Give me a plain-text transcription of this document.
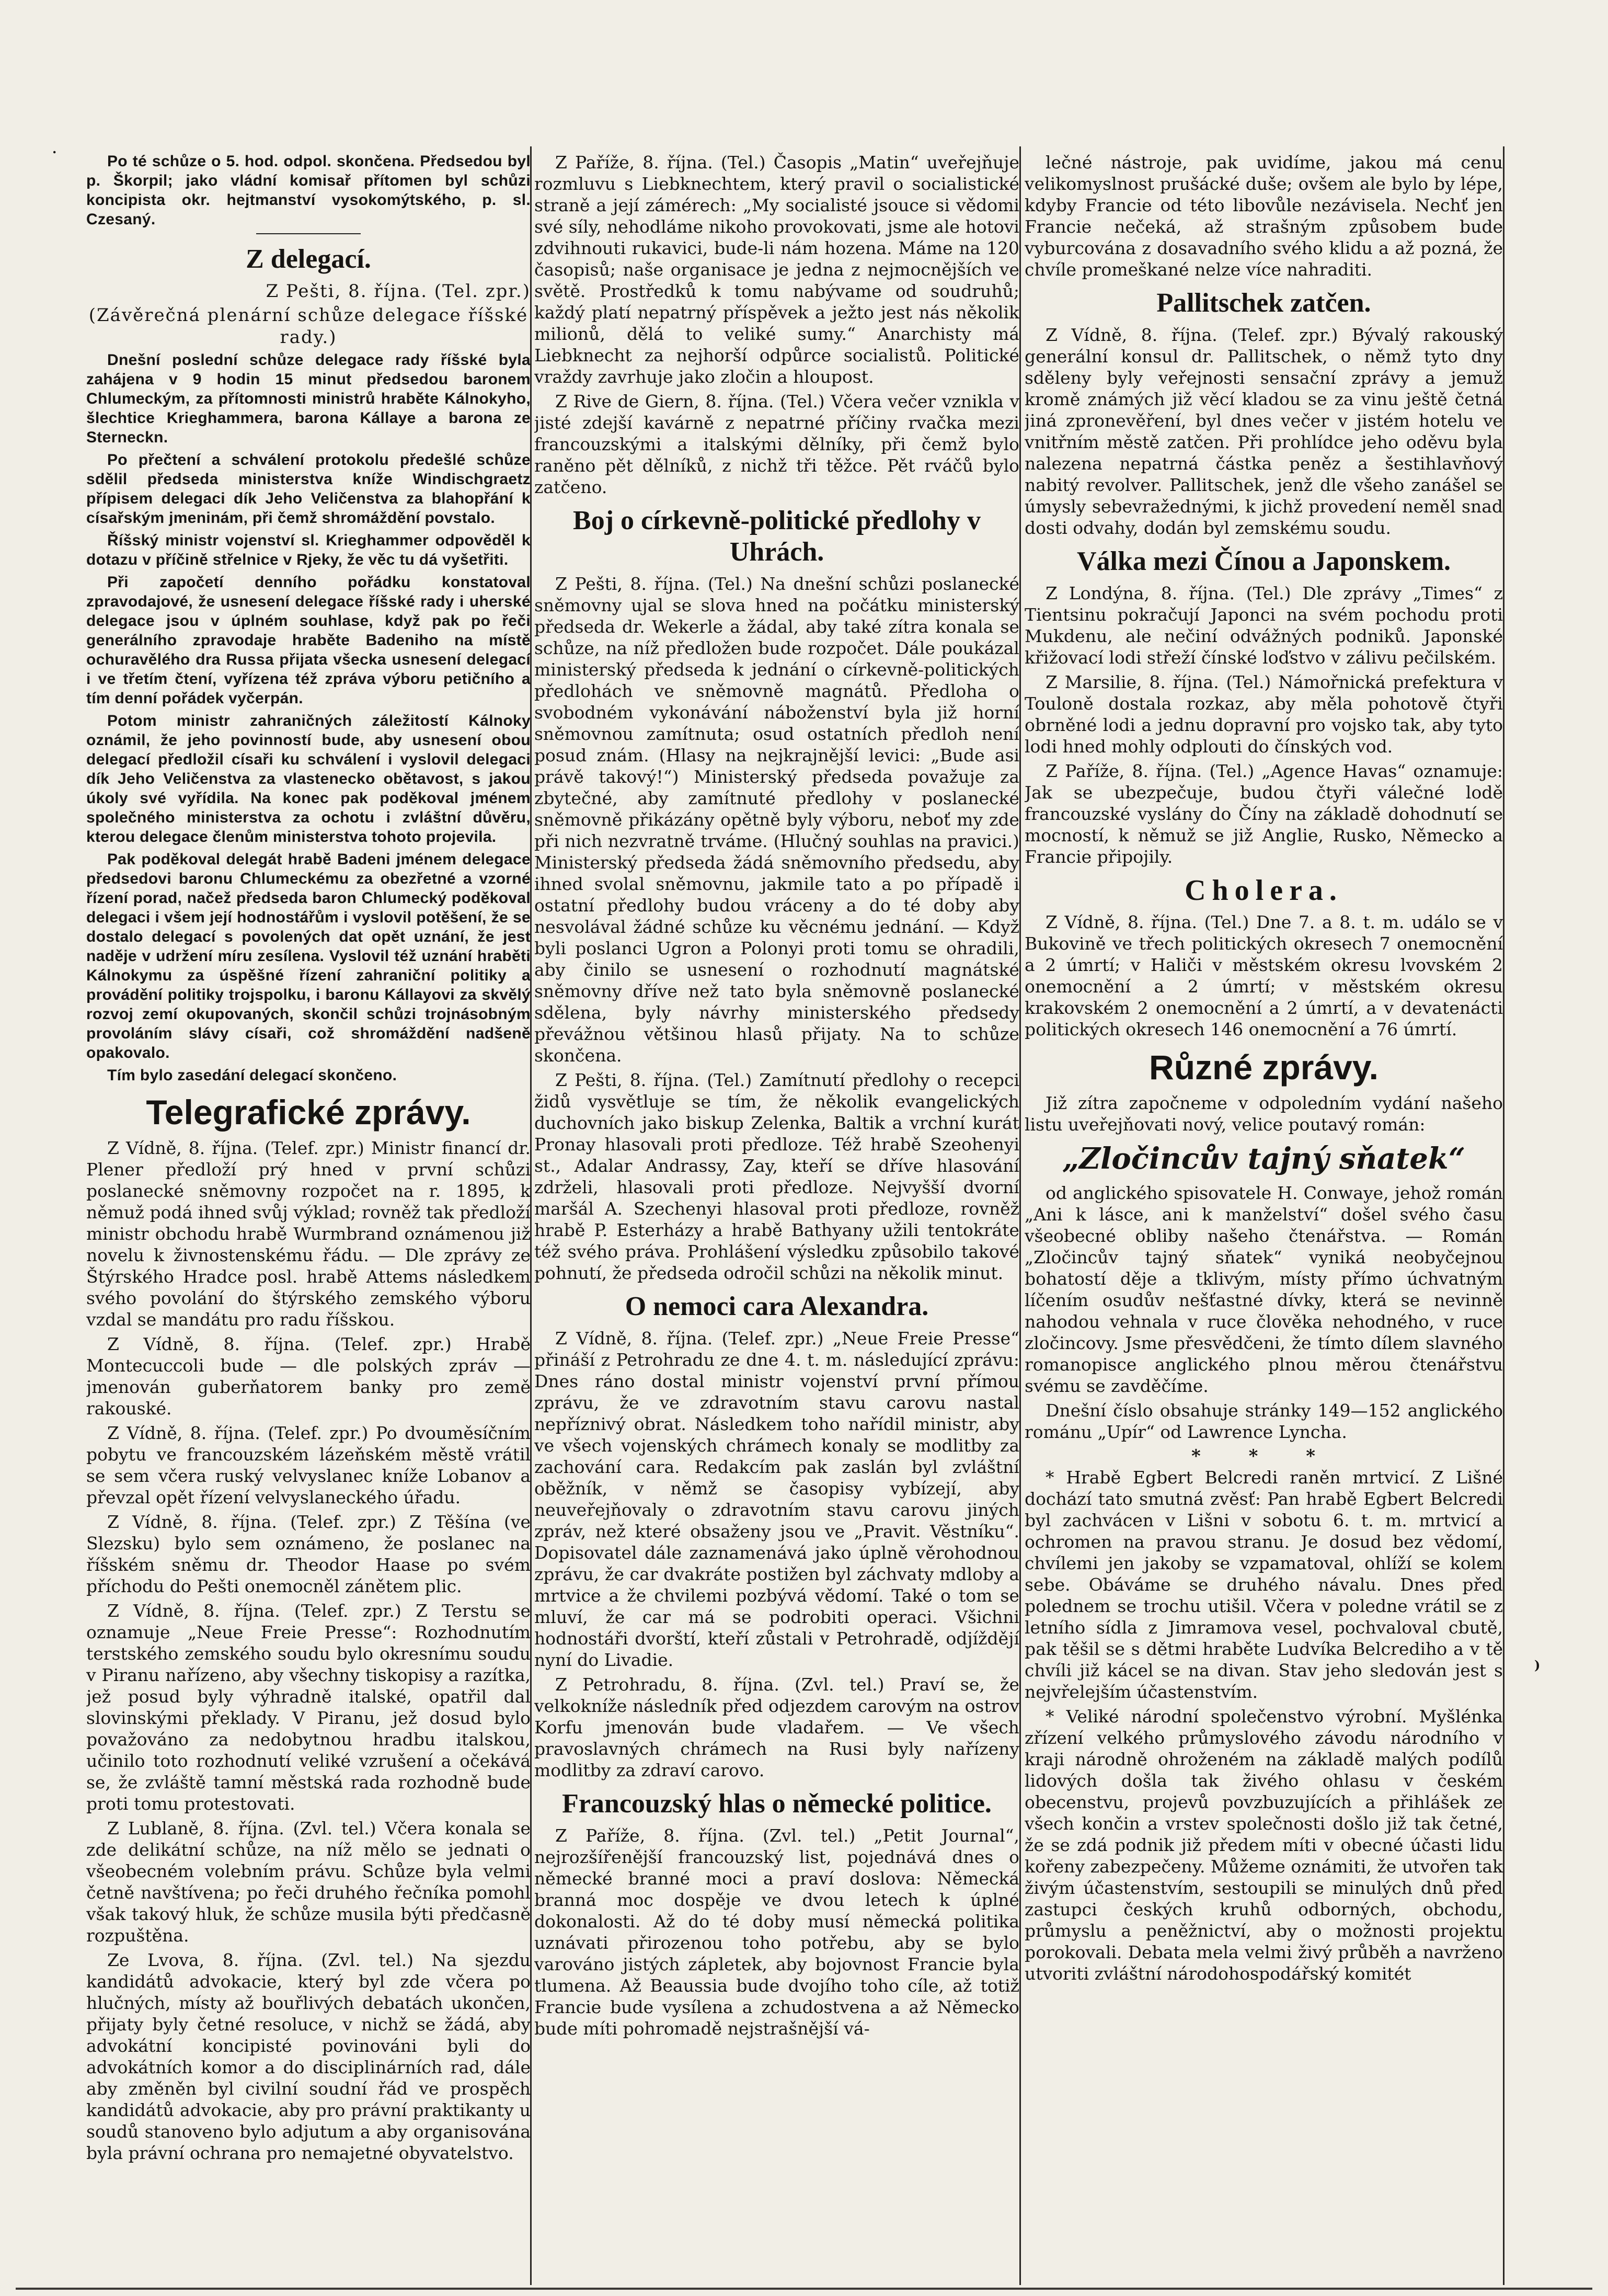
.
)

Po té schůze o 5. hod. odpol. skončena. Předsedou byl p. Škorpil; jako vládní komisař přítomen byl schůzi koncipista okr. hejtmanství vysokomýtského, p. sl. Czesaný.

Z delegací.
Z Pešti, 8. října. (Tel. zpr.)
(Závěrečná plenární schůze delegace říšské rady.)

Dnešní poslední schůze delegace rady říšské byla zahájena v 9 hodin 15 minut předsedou baronem Chlumeckým, za přítomnosti ministrů hraběte Kálnokyho, šlechtice Krieghammera, barona Kállaye a barona ze Sterneckn.

Po přečtení a schválení protokolu předešlé schůze sdělil předseda ministerstva kníže Windischgraetz přípisem delegaci dík Jeho Veličenstva za blahopřání k císařským jmeninám, při čemž shromáždění povstalo.

Říšský ministr vojenství sl. Krieghammer odpověděl k dotazu v příčině střelnice v Rjeky, že věc tu dá vyšetřiti.

Při započetí denního pořádku konstatoval zpravodajové, že usnesení delegace říšské rady i uherské delegace jsou v úplném souhlase, když pak po řeči generálního zpravodaje hraběte Badeniho na místě ochuravělého dra Russa přijata všecka usnesení delegací i ve třetím čtení, vyřízena též zpráva výboru petičního a tím denní pořádek vyčerpán.

Potom ministr zahraničných záležitostí Kálnoky oznámil, že jeho povinností bude, aby usnesení obou delegací předložil císaři ku schválení i vyslovil delegaci dík Jeho Veličenstva za vlastenecko obětavost, s jakou úkoly své vyřídila. Na konec pak poděkoval jménem společného ministerstva za ochotu i zvláštní důvěru, kterou delegace členům ministerstva tohoto projevila.

Pak poděkoval delegát hrabě Badeni jménem delegace předsedovi baronu Chlumeckému za obezřetné a vzorné řízení porad, načež předseda baron Chlumecký poděkoval delegaci i všem její hodnostářům i vyslovil potěšení, že se dostalo delegací s povolených dat opět uznání, že jest naděje v udržení míru zesílena. Vyslovil též uznání hraběti Kálnokymu za úspěšné řízení zahraniční politiky a provádění politiky trojspolku, i baronu Kállayovi za skvělý rozvoj zemí okupovaných, skončil schůzi trojnásobným provoláním slávy císaři, což shromáždění nadšeně opakovalo.

Tím bylo zasedání delegací skončeno.

Telegrafické zprávy.

Z Vídně, 8. října. (Telef. zpr.) Ministr financí dr. Plener předloží prý hned v první schůzi poslanecké sněmovny rozpočet na r. 1895, k němuž podá ihned svůj výklad; rovněž tak předloží ministr obchodu hrabě Wurmbrand oznámenou již novelu k živnostenskému řádu. — Dle zprávy ze Štýrského Hradce posl. hrabě Attems následkem svého povolání do štýrského zemského výboru vzdal se mandátu pro radu říšskou.

Z Vídně, 8. října. (Telef. zpr.) Hrabě Montecuccoli bude — dle polských zpráv — jmenován guberňatorem banky pro země rakouské.

Z Vídně, 8. října. (Telef. zpr.) Po dvouměsíčním pobytu ve francouzském lázeňském městě vrátil se sem včera ruský velvyslanec kníže Lobanov a převzal opět řízení velvyslaneckého úřadu.

Z Vídně, 8. října. (Telef. zpr.) Z Těšína (ve Slezsku) bylo sem oznámeno, že poslanec na říšském sněmu dr. Theodor Haase po svém příchodu do Pešti onemocněl zánětem plic.

Z Vídně, 8. října. (Telef. zpr.) Z Terstu se oznamuje „Neue Freie Presse“: Rozhodnutím terstského zemského soudu bylo okresnímu soudu v Piranu nařízeno, aby všechny tiskopisy a razítka, jež posud byly výhradně italské, opatřil dal slovinskými překlady. V Piranu, jež dosud bylo považováno za nedobytnou hradbu italskou, učinilo toto rozhodnutí veliké vzrušení a očekává se, že zvláště tamní městská rada rozhodně bude proti tomu protestovati.

Z Lublaně, 8. října. (Zvl. tel.) Včera konala se zde delikátní schůze, na níž mělo se jednati o všeobecném volebním právu. Schůze byla velmi četně navštívena; po řeči druhého řečníka pomohl však takový hluk, že schůze musila býti předčasně rozpuštěna.

Ze Lvova, 8. října. (Zvl. tel.) Na sjezdu kandidátů advokacie, který byl zde včera po hlučných, místy až bouřlivých debatách ukončen, přijaty byly četné resoluce, v nichž se žádá, aby advokátní koncipisté povinováni byli do advokátních komor a do disciplinárních rad, dále aby změněn byl civilní soudní řád ve prospěch kandidátů advokacie, aby pro právní praktikanty u soudů stanoveno bylo adjutum a aby organisována byla právní ochrana pro nemajetné obyvatelstvo.

Z Paříže, 8. října. (Tel.) Časopis „Matin“ uveřejňuje rozmluvu s Liebknechtem, který pravil o socialistické straně a její zámérech: „My socialisté jsouce si vědomi své síly, nehodláme nikoho provokovati, jsme ale hotovi zdvihnouti rukavici, bude-li nám hozena. Máme na 120 časopisů; naše organisace je jedna z nejmocnějších ve světě. Prostředků k tomu nabývame od soudruhů; každý platí nepatrný příspěvek a ježto jest nás několik milionů, dělá to veliké sumy.“ Anarchisty má Liebknecht za nejhorší odpůrce socialistů. Politické vraždy zavrhuje jako zločin a hloupost.

Z Rive de Giern, 8. října. (Tel.) Včera večer vznikla v jisté zdejší kavárně z nepatrné příčiny rvačka mezi francouzskými a italskými dělníky, při čemž bylo raněno pět dělníků, z nichž tři těžce. Pět rváčů bylo zatčeno.

Boj o církevně-politické předlohy v Uhrách.

Z Pešti, 8. října. (Tel.) Na dnešní schůzi poslanecké sněmovny ujal se slova hned na počátku ministerský předseda dr. Wekerle a žádal, aby také zítra konala se schůze, na níž předložen bude rozpočet. Dále poukázal ministerský předseda k jednání o církevně-politických předlohách ve sněmovně magnátů. Předloha o svobodném vykonávání náboženství byla již horní sněmovnou zamítnuta; osud ostatních předloh není posud znám. (Hlasy na nejkrajnější levici: „Bude asi právě takový!“) Ministerský předseda považuje za zbytečné, aby zamítnuté předlohy v poslanecké sněmovně přikázány opětně byly výboru, neboť my zde při nich nezvratně trváme. (Hlučný souhlas na pravici.) Ministerský předseda žádá sněmovního předsedu, aby ihned svolal sněmovnu, jakmile tato a po případě i ostatní předlohy budou vráceny a do té doby aby nesvolával žádné schůze ku věcnému jednání. — Když byli poslanci Ugron a Polonyi proti tomu se ohradili, aby činilo se usnesení o rozhodnutí magnátské sněmovny dříve než tato byla sněmovně poslanecké sdělena, byly návrhy ministerského předsedy převážnou většinou hlasů přijaty. Na to schůze skončena.

Z Pešti, 8. října. (Tel.) Zamítnutí předlohy o recepci židů vysvětluje se tím, že několik evangelických duchovních jako biskup Zelenka, Baltik a vrchní kurát Pronay hlasovali proti předloze. Též hrabě Szeohenyi st., Adalar Andrassy, Zay, kteří se dříve hlasování zdrželi, hlasovali proti předloze. Nejvyšší dvorní maršál A. Szechenyi hlasoval proti předloze, rovněž hrabě P. Esterházy a hrabě Bathyany užili tentokráte též svého práva. Prohlášení výsledku způsobilo takové pohnutí, že předseda odročil schůzi na několik minut.

O nemoci cara Alexandra.

Z Vídně, 8. října. (Telef. zpr.) „Neue Freie Presse“ přináší z Petrohradu ze dne 4. t. m. následující zprávu: Dnes ráno dostal ministr vojenství první přímou zprávu, že ve zdravotním stavu carovu nastal nepříznivý obrat. Následkem toho nařídil ministr, aby ve všech vojenských chrámech konaly se modlitby za zachování cara. Redakcím pak zaslán byl zvláštní oběžník, v němž se časopisy vybízejí, aby neuveřejňovaly o zdravotním stavu carovu jiných zpráv, než které obsaženy jsou ve „Pravit. Věstníku“. Dopisovatel dále zaznamenává jako úplně věrohodnou zprávu, že car dvakráte postižen byl záchvaty mdloby a mrtvice a že chvilemi pozbývá vědomí. Také o tom se mluví, že car má se podrobiti operaci. Všichni hodnostáři dvorští, kteří zůstali v Petrohradě, odjíždějí nyní do Livadie.

Z Petrohradu, 8. října. (Zvl. tel.) Praví se, že velkokníže následník před odjezdem carovým na ostrov Korfu jmenován bude vladařem. — Ve všech pravoslavných chrámech na Rusi byly nařízeny modlitby za zdraví carovo.

Francouzský hlas o německé politice.

Z Paříže, 8. října. (Zvl. tel.) „Petit Journal“, nejrozšířenější francouzský list, pojednává dnes o německé branné moci a praví doslova: Německá branná moc dospěje ve dvou letech k úplné dokonalosti. Až do té doby musí německá politika uznávati přirozenou toho potřebu, aby se bylo varováno jistých zápletek, aby bojovnost Francie byla tlumena. Až Beaussia bude dvojího toho cíle, až totiž Francie bude vysílena a zchudostvena a až Německo bude míti pohromadě nejstrašnější vá-

lečné nástroje, pak uvidíme, jakou má cenu velikomyslnost prušácké duše; ovšem ale bylo by lépe, kdyby Francie od této libovůle nezávisela. Nechť jen Francie nečeká, až strašným způsobem bude vyburcována z dosavadního svého klidu a až pozná, že chvíle promeškané nelze více nahraditi.

Pallitschek zatčen.

Z Vídně, 8. října. (Telef. zpr.) Bývalý rakouský generální konsul dr. Pallitschek, o němž tyto dny sděleny byly veřejnosti sensační zprávy a jemuž kromě známých již věcí kladou se za vinu ještě četná jiná zpronevěření, byl dnes večer v jistém hotelu ve vnitřním městě zatčen. Při prohlídce jeho oděvu byla nalezena nepatrná částka peněz a šestihlavňový nabitý revolver. Pallitschek, jenž dle všeho zanášel se úmysly sebevražednými, k jichž provedení neměl snad dosti odvahy, dodán byl zemskému soudu.

Válka mezi Čínou a Japonskem.

Z Londýna, 8. října. (Tel.) Dle zprávy „Times“ z Tientsinu pokračují Japonci na svém pochodu proti Mukdenu, ale nečiní odvážných podniků. Japonské křižovací lodi střeží čínské loďstvo v zálivu pečilském.

Z Marsilie, 8. října. (Tel.) Námořnická prefektura v Touloně dostala rozkaz, aby měla pohotově čtyři obrněné lodi a jednu dopravní pro vojsko tak, aby tyto lodi hned mohly odplouti do čínských vod.

Z Paříže, 8. října. (Tel.) „Agence Havas“ oznamuje: Jak se ubezpečuje, budou čtyři válečné lodě francouzské vyslány do Číny na základě dohodnutí se mocností, k němuž se již Anglie, Rusko, Německo a Francie připojily.

Cholera.

Z Vídně, 8. října. (Tel.) Dne 7. a 8. t. m. událo se v Bukovině ve třech politických okresech 7 onemocnění a 2 úmrtí; v Haliči v městském okresu lvovském 2 onemocnění a 2 úmrtí; v městském okresu krakovském 2 onemocnění a 2 úmrtí, a v devatenácti politických okresech 146 onemocnění a 76 úmrtí.

Různé zprávy.

Již zítra započneme v odpoledním vydání našeho listu uveřejňovati nový, velice poutavý román:

„Zločincův tajný sňatek“

od anglického spisovatele H. Conwaye, jehož román „Ani k lásce, ani k manželství“ došel svého času všeobecné obliby našeho čtenářstva. — Román „Zločincův tajný sňatek“ vyniká neobyčejnou bohatostí děje a tklivým, místy přímo úchvatným líčením osudův nešťastné dívky, která se nevinně nahodou vehnala v ruce člověka nehodného, v ruce zločincovy. Jsme přesvědčeni, že tímto dílem slavného romanopisce anglického plnou měrou čtenářstvu svému se zavděčíme.

Dnešní číslo obsahuje stránky 149—152 anglického románu „Upír“ od Lawrence Lyncha.

* * *

* Hrabě Egbert Belcredi raněn mrtvicí. Z Lišné dochází tato smutná zvěsť: Pan hrabě Egbert Belcredi byl zachvácen v Lišni v sobotu 6. t. m. mrtvicí a ochromen na pravou stranu. Je dosud bez vědomí, chvílemi jen jakoby se vzpamatoval, ohlíží se kolem sebe. Obáváme se druhého návalu. Dnes před polednem se trochu utišil. Včera v poledne vrátil se z letního sídla z Jimramova vesel, pochvaloval cbutě, pak těšil se s dětmi hraběte Ludvíka Belcrediho a v tě chvíli již kácel se na divan. Stav jeho sledován jest s nejvřelejším účastenstvím.

* Veliké národní společenstvo výrobní. Myšlénka zřízení velkého průmyslového závodu národního v kraji národně ohroženém na základě malých podílů lidových došla tak živého ohlasu v českém obecenstvu, projevů povzbuzujících a přihlášek ze všech končin a vrstev společnosti došlo již tak četné, že se zdá podnik již předem míti v obecné účasti lidu kořeny zabezpečeny. Můžeme oznámiti, že utvořen tak živým účastenstvím, sestoupili se minulých dnů před zastupci českých kruhů odborných, obchodu, průmyslu a peněžnictví, aby o možnosti projektu porokovali. Debata mela velmi živý průběh a navrženo utvoriti zvláštní národohospodářský komitét
